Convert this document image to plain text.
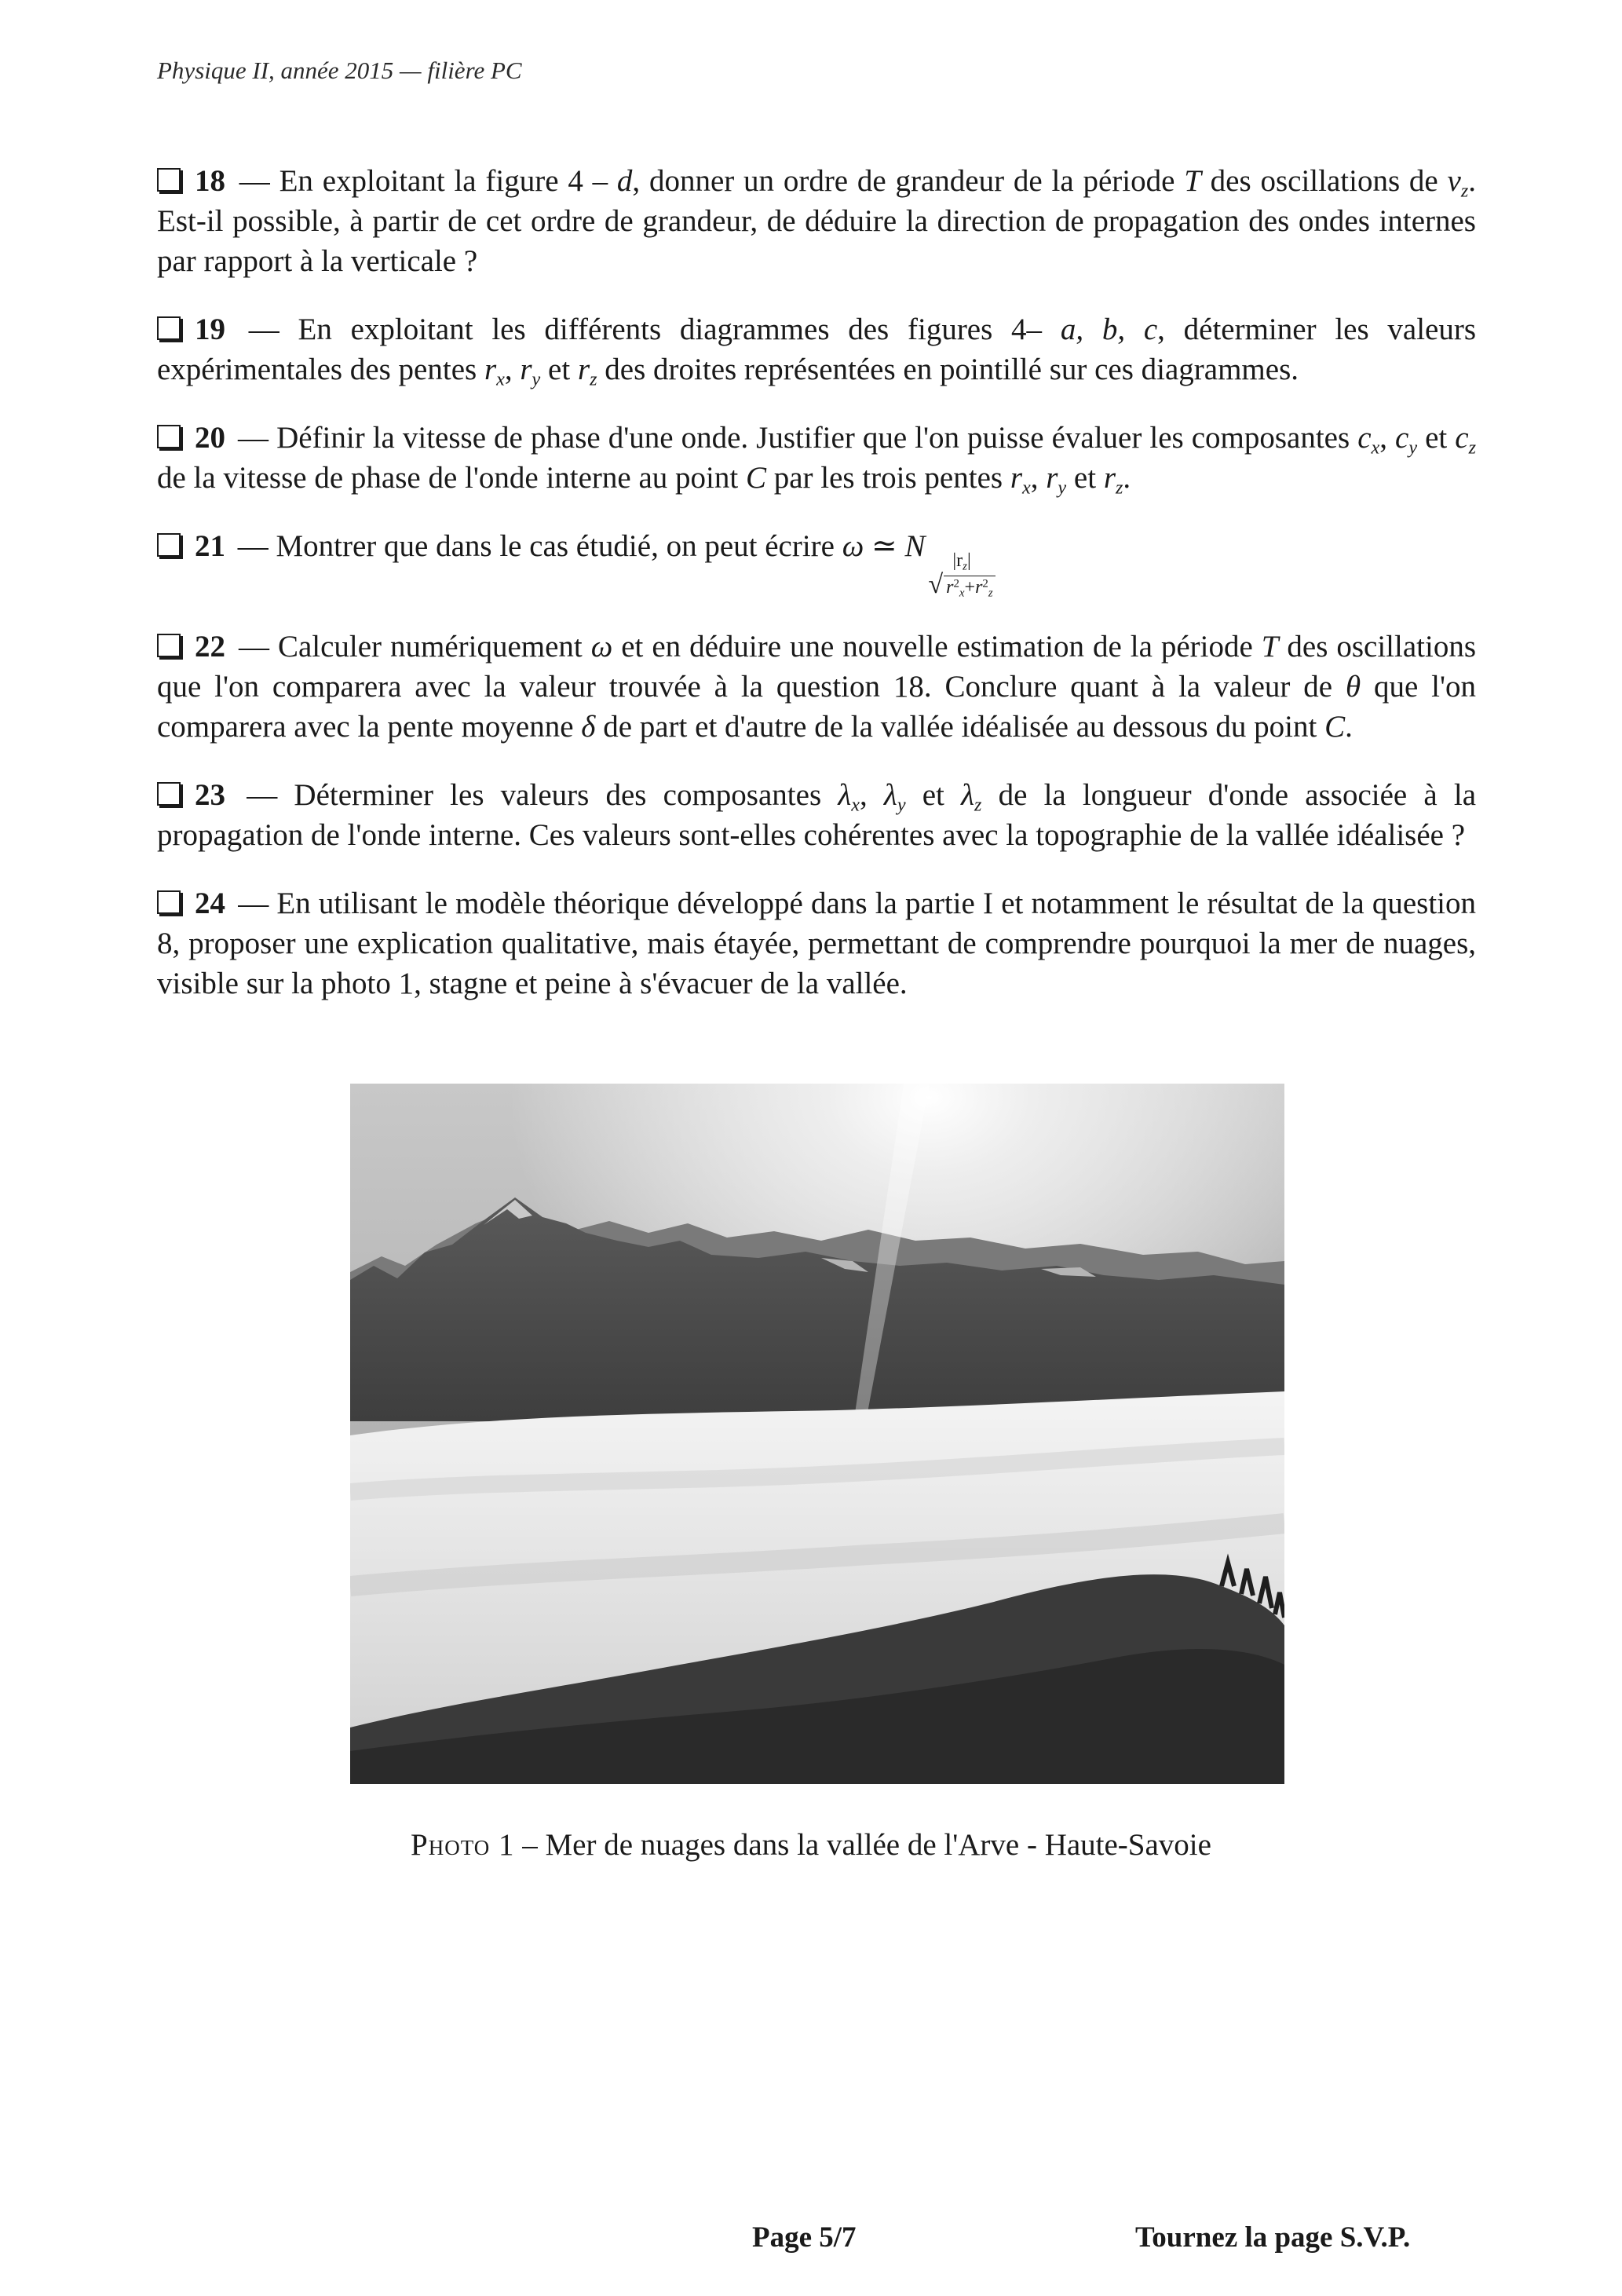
Physique II, année 2015 — filière PC

18 — En exploitant la figure 4 – d, donner un ordre de grandeur de la période T des oscillations de $v_z$. Est-il possible, à partir de cet ordre de grandeur, de déduire la direction de propagation des ondes internes par rapport à la verticale ?

19 — En exploitant les différents diagrammes des figures 4– a, b, c, déterminer les valeurs expérimentales des pentes $r_x$, $r_y$ et $r_z$ des droites représentées en pointillé sur ces diagrammes.

20 — Définir la vitesse de phase d'une onde. Justifier que l'on puisse évaluer les composantes $c_x$, $c_y$ et $c_z$ de la vitesse de phase de l'onde interne au point C par les trois pentes $r_x$, $r_y$ et $r_z$.

21 — Montrer que dans le cas étudié, on peut écrire ω ≃ N $|r_z|$
√ $r^2_x+r^2_z$

22 — Calculer numériquement ω et en déduire une nouvelle estimation de la période T des oscillations que l'on comparera avec la valeur trouvée à la question 18. Conclure quant à la valeur de θ que l'on comparera avec la pente moyenne δ de part et d'autre de la vallée idéalisée au dessous du point C.

23 — Déterminer les valeurs des composantes $\lambda_x$, $\lambda_y$ et $\lambda_z$ de la longueur d'onde associée à la propagation de l'onde interne. Ces valeurs sont-elles cohérentes avec la topographie de la vallée idéalisée ?

24 — En utilisant le modèle théorique développé dans la partie I et notamment le résultat de la question 8, proposer une explication qualitative, mais étayée, permettant de comprendre pourquoi la mer de nuages, visible sur la photo 1, stagne et peine à s'évacuer de la vallée.

Photo 1 – Mer de nuages dans la vallée de l'Arve - Haute-Savoie
Page 5/7	Tournez la page S.V.P.
